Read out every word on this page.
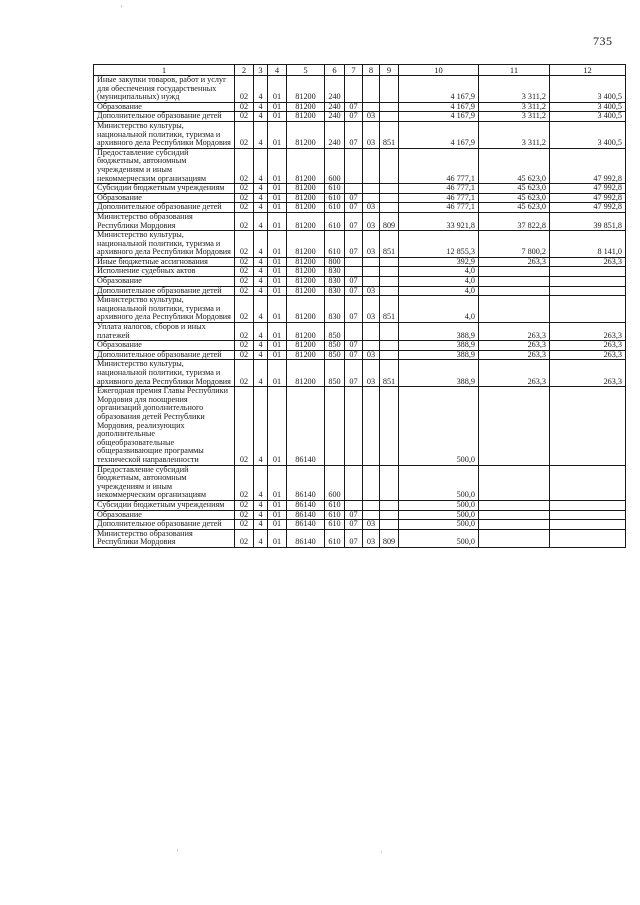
735
1	2	3	4	5	6	7	8	9	10	11	12
Иные закупки товаров, работ и услуг для обеспечения государственных (муниципальных) нужд	02	4	01	81200	240				4 167,9	3 311,2	3 400,5
Образование	02	4	01	81200	240	07			4 167,9	3 311,2	3 400,5
Дополнительное образование детей	02	4	01	81200	240	07	03		4 167,9	3 311,2	3 400,5
Министерство культуры, национальной политики, туризма и архивного дела Республики Мордовия	02	4	01	81200	240	07	03	851	4 167,9	3 311,2	3 400,5
Предоставление субсидий бюджетным, автономным учреждениям и иным некоммерческим организациям	02	4	01	81200	600				46 777,1	45 623,0	47 992,8
Субсидии бюджетным учреждениям	02	4	01	81200	610				46 777,1	45 623,0	47 992,8
Образование	02	4	01	81200	610	07			46 777,1	45 623,0	47 992,8
Дополнительное образование детей	02	4	01	81200	610	07	03		46 777,1	45 623,0	47 992,8
Министерство образования Республики Мордовия	02	4	01	81200	610	07	03	809	33 921,8	37 822,8	39 851,8
Министерство культуры, национальной политики, туризма и архивного дела Республики Мордовия	02	4	01	81200	610	07	03	851	12 855,3	7 800,2	8 141,0
Иные бюджетные ассигнования	02	4	01	81200	800				392,9	263,3	263,3
Исполнение судебных актов	02	4	01	81200	830				4,0		
Образование	02	4	01	81200	830	07			4,0		
Дополнительное образование детей	02	4	01	81200	830	07	03		4,0		
Министерство культуры, национальной политики, туризма и архивного дела Республики Мордовия	02	4	01	81200	830	07	03	851	4,0		
Уплата налогов, сборов и иных платежей	02	4	01	81200	850				388,9	263,3	263,3
Образование	02	4	01	81200	850	07			388,9	263,3	263,3
Дополнительное образование детей	02	4	01	81200	850	07	03		388,9	263,3	263,3
Министерство культуры, национальной политики, туризма и архивного дела Республики Мордовия	02	4	01	81200	850	07	03	851	388,9	263,3	263,3
Ежегодная премия Главы Республики Мордовия для поощрения организаций дополнительного образования детей Республики Мордовия, реализующих дополнительные общеобразовательные общеразвивающие программы технической направленности	02	4	01	86140					500,0		
Предоставление субсидий бюджетным, автономным учреждениям и иным некоммерческим организациям	02	4	01	86140	600				500,0		
Субсидии бюджетным учреждениям	02	4	01	86140	610				500,0		
Образование	02	4	01	86140	610	07			500,0		
Дополнительное образование детей	02	4	01	86140	610	07	03		500,0		
Министерство образования Республики Мордовия	02	4	01	86140	610	07	03	809	500,0		
'
'	·
